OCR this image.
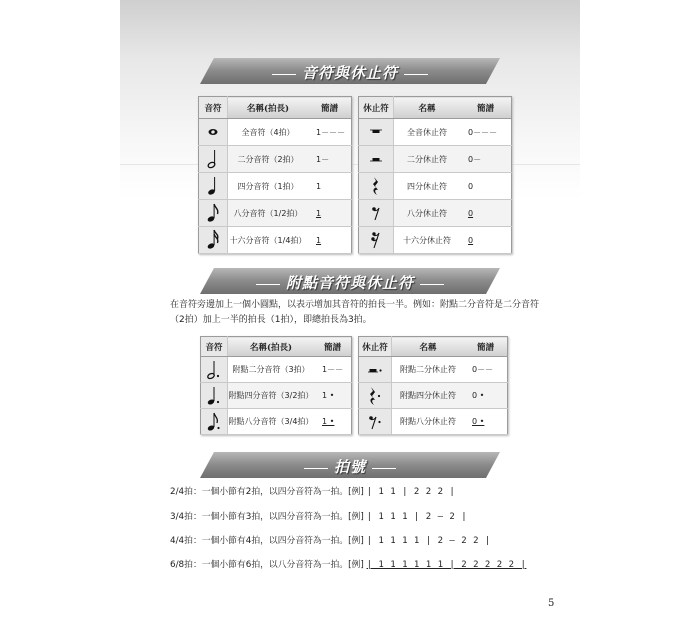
音符與休止符
音符	名稱(拍長)	簡譜

	全音符（4拍）	1－－－

	二分音符（2拍）	1－

	四分音符（1拍）	1

	八分音符（1/2拍）	1

	十六分音符（1/4拍）	1
休止符	名稱	簡譜

	全音休止符	0－－－

	二分休止符	0－

	四分休止符	0

	八分休止符	0

	十六分休止符	0
附點音符與休止符
在音符旁邊加上一個小圓點，以表示增加其音符的拍長一半。例如：附點二分音符是二分音符（2拍）加上一半的拍長（1拍），即總拍長為3拍。
音符	名稱(拍長)	簡譜

	附點二分音符（3拍）	1－－

	附點四分音符（3/2拍）	1 •

	附點八分音符（3/4拍）	1 •
休止符	名稱	簡譜

	附點二分休止符	0－－

	附點四分休止符	0 •

	附點八分休止符	0 •
拍號
2/4拍：一個小節有2拍，以四分音符為一拍。[例] | 1 1 | 2 2 2 |
3/4拍：一個小節有3拍，以四分音符為一拍。[例] | 1 1 1 | 2 — 2 |
4/4拍：一個小節有4拍，以四分音符為一拍。[例] | 1 1 1 1 | 2 — 2 2 |
6/8拍：一個小節有6拍，以八分音符為一拍。[例] | 1 1 1 1 1 1 | 2 2 2 2 2 |
5
